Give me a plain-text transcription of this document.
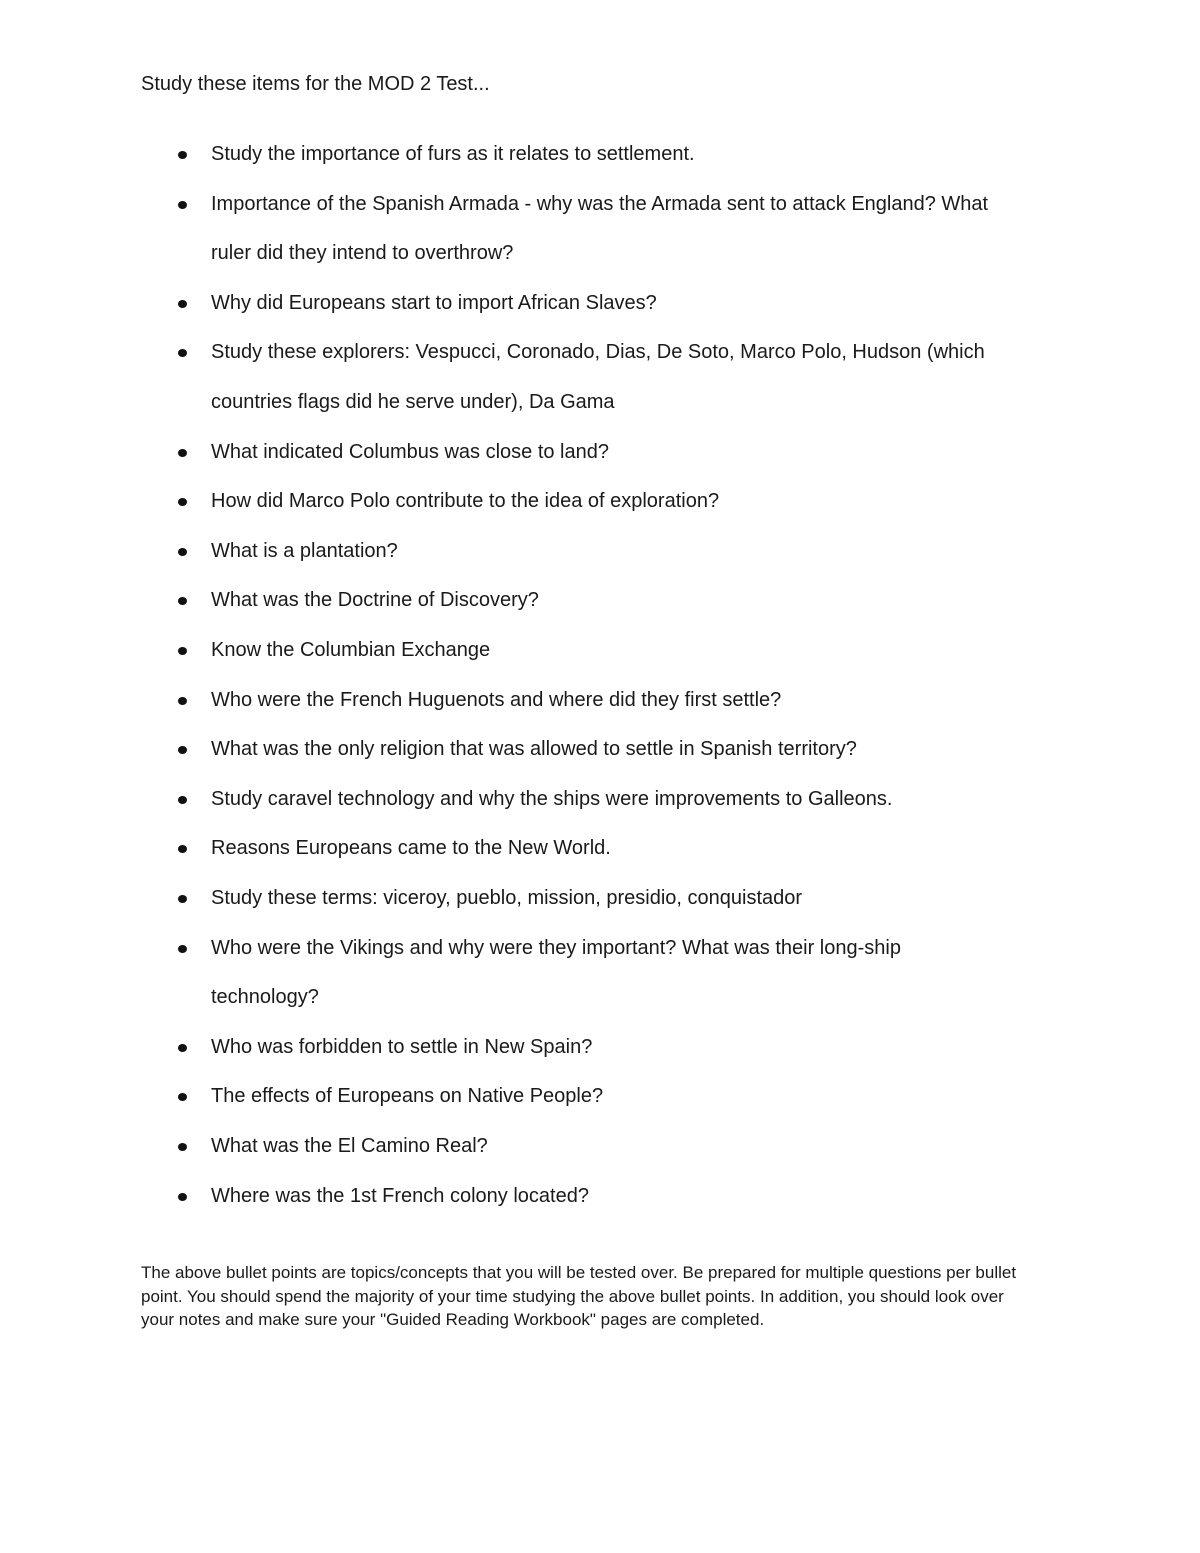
Study these items for the MOD 2 Test...
Study the importance of furs as it relates to settlement.
Importance of the Spanish Armada - why was the Armada sent to attack England? What
ruler did they intend to overthrow?
Why did Europeans start to import African Slaves?
Study these explorers: Vespucci, Coronado, Dias, De Soto, Marco Polo, Hudson (which
countries flags did he serve under), Da Gama
What indicated Columbus was close to land?
How did Marco Polo contribute to the idea of exploration?
What is a plantation?
What was the Doctrine of Discovery?
Know the Columbian Exchange
Who were the French Huguenots and where did they first settle?
What was the only religion that was allowed to settle in Spanish territory?
Study caravel technology and why the ships were improvements to Galleons.
Reasons Europeans came to the New World.
Study these terms: viceroy, pueblo, mission, presidio, conquistador
Who were the Vikings and why were they important? What was their long-ship
technology?
Who was forbidden to settle in New Spain?
The effects of Europeans on Native People?
What was the El Camino Real?
Where was the 1st French colony located?
The above bullet points are topics/concepts that you will be tested over. Be prepared for multiple questions per bullet
point. You should spend the majority of your time studying the above bullet points. In addition, you should look over
your notes and make sure your "Guided Reading Workbook" pages are completed.
